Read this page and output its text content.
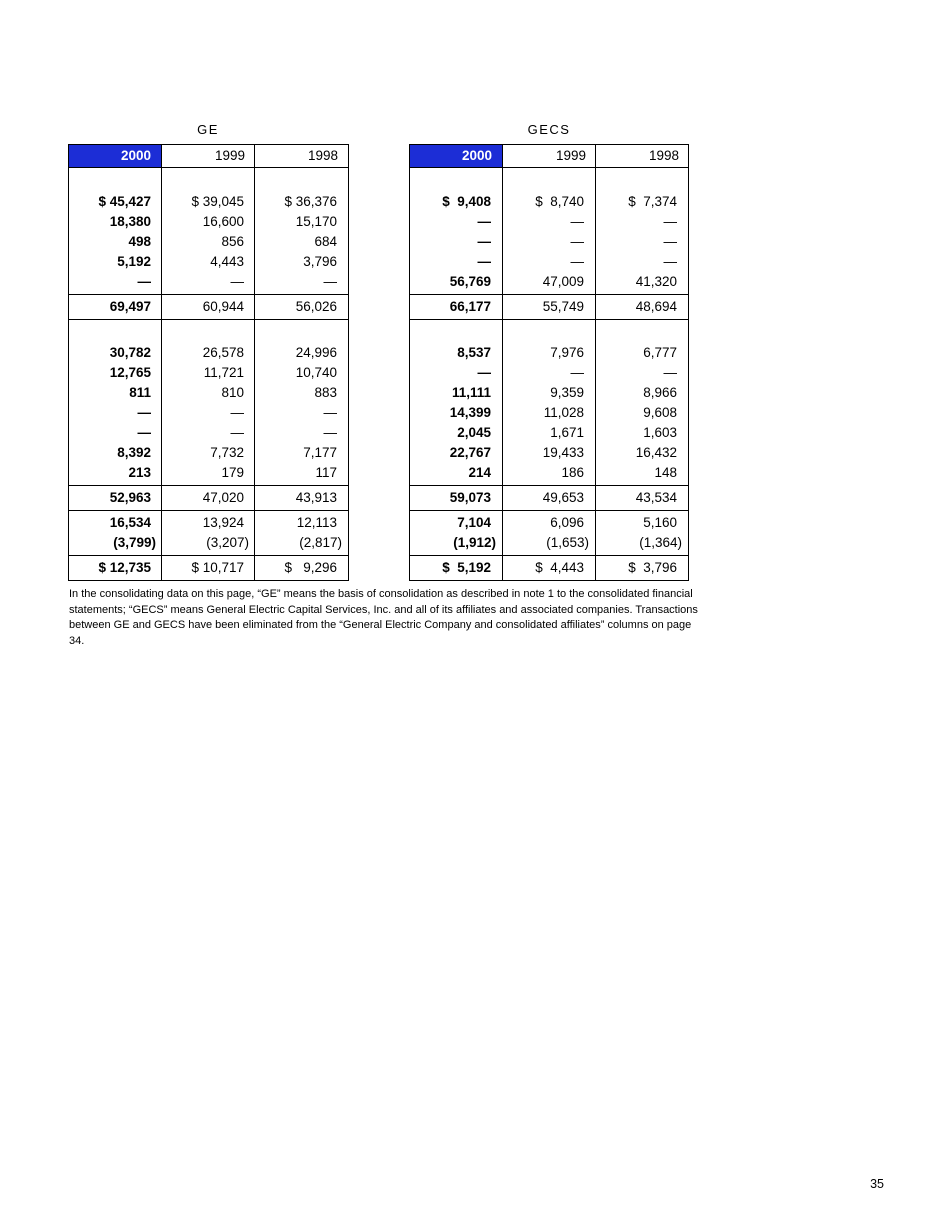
GE	GECS
2000	1999	1998	2000	1999	1998
$ 45,427	$ 39,045	$ 36,376	$  9,408	$  8,740	$  7,374
18,380	16,600	15,170	—	—	—
498	856	684	—	—	—
5,192	4,443	3,796	—	—	—
—	—	—	56,769	47,009	41,320
69,497	60,944	56,026	66,177	55,749	48,694
30,782	26,578	24,996	8,537	7,976	6,777
12,765	11,721	10,740	—	—	—
811	810	883	11,111	9,359	8,966
—	—	—	14,399	11,028	9,608
—	—	—	2,045	1,671	1,603
8,392	7,732	7,177	22,767	19,433	16,432
213	179	117	214	186	148
52,963	47,020	43,913	59,073	49,653	43,534
16,534	13,924	12,113	7,104	6,096	5,160
(3,799)	(3,207)	(2,817)	(1,912)	(1,653)	(1,364)
$ 12,735	$ 10,717	$   9,296	$  5,192	$  4,443	$  3,796
In the consolidating data on this page, “GE” means the basis of consolidation as described in note 1 to the consolidated financial statements; “GECS” means General Electric Capital Services, Inc. and all of its affiliates and associated companies. Transactions between GE and GECS have been eliminated from the “General Electric Company and consolidated affiliates” columns on page 34.
35
